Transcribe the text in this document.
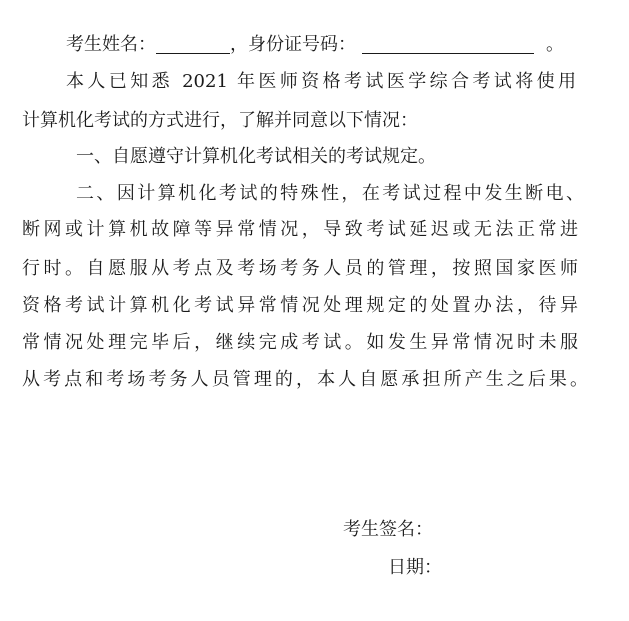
考生姓名：	，身份证号码：	。
本人已知悉 2021 年医师资格考试医学综合考试将使用
计算机化考试的方式进行，了解并同意以下情况：
一、自愿遵守计算机化考试相关的考试规定。
二、因计算机化考试的特殊性，在考试过程中发生断电、
断网或计算机故障等异常情况，导致考试延迟或无法正常进
行时。自愿服从考点及考场考务人员的管理，按照国家医师
资格考试计算机化考试异常情况处理规定的处置办法，待异
常情况处理完毕后，继续完成考试。如发生异常情况时未服
从考点和考场考务人员管理的，本人自愿承担所产生之后果。
考生签名：
日期：
